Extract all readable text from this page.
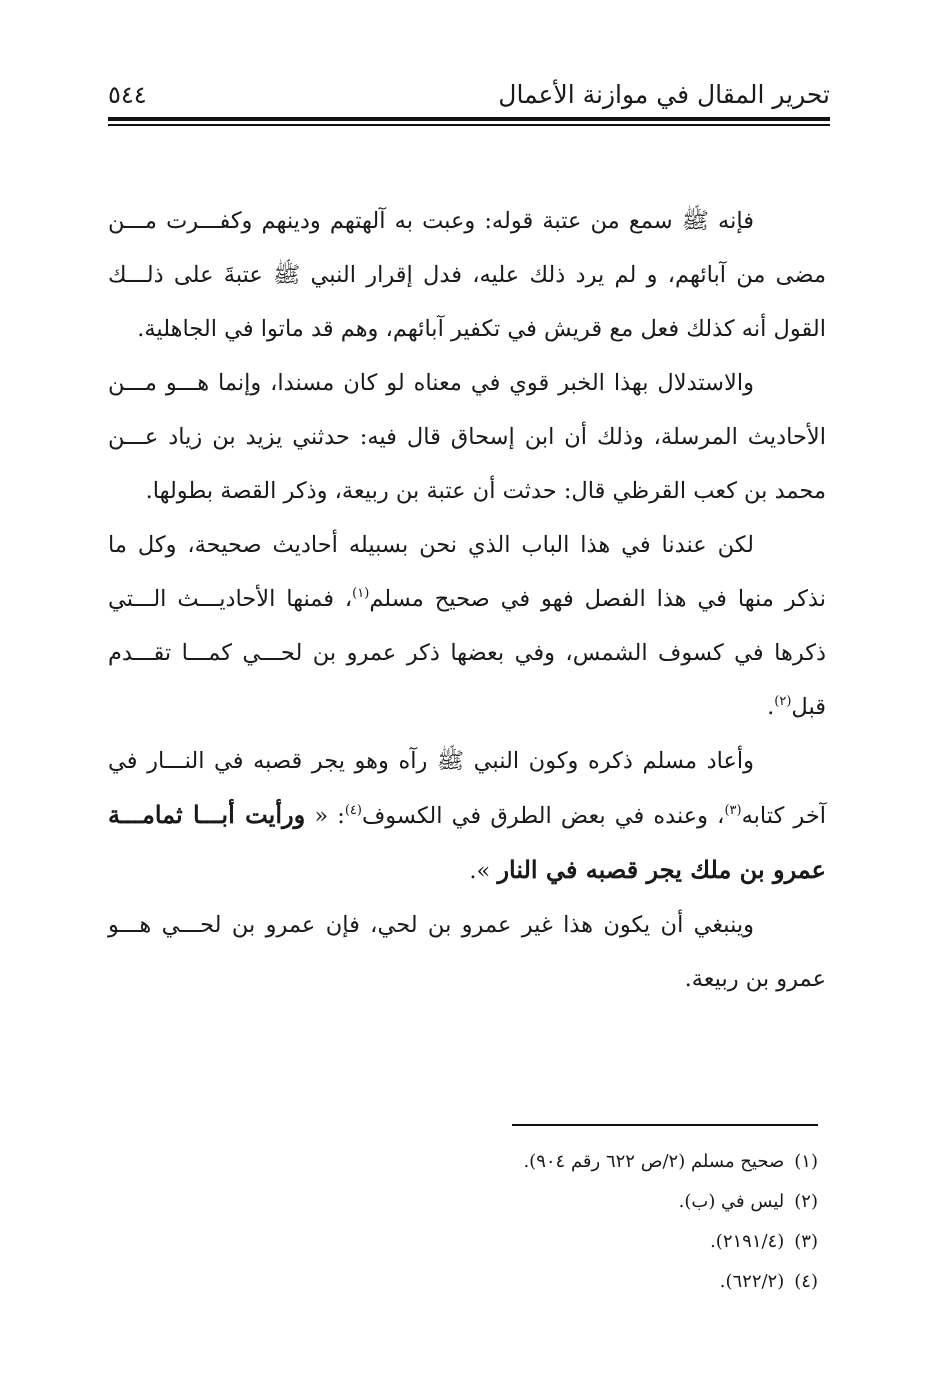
تحرير المقال في موازنة الأعمال
٥٤٤

فإنه ﷺ سمع من عتبة قوله: وعبت به آلهتهم ودينهم وكفـــرت مـــن مضى من آبائهم، و لم يرد ذلك عليه، فدل إقرار النبي ﷺ عتبةَ على ذلـــك القول أنه كذلك فعل مع قريش في تكفير آبائهم، وهم قد ماتوا في الجاهلية.

والاستدلال بهذا الخبر قوي في معناه لو كان مسندا، وإنما هـــو مـــن الأحاديث المرسلة، وذلك أن ابن إسحاق قال فيه: حدثني يزيد بن زياد عـــن محمد بن كعب القرظي قال: حدثت أن عتبة بن ربيعة، وذكر القصة بطولها.

لكن عندنا في هذا الباب الذي نحن بسبيله أحاديث صحيحة، وكل ما نذكر منها في هذا الفصل فهو في صحيح مسلم$^{(١)}$، فمنها الأحاديـــث الـــتي ذكرها في كسوف الشمس، وفي بعضها ذكر عمرو بن لحـــي كمـــا تقـــدم قبل$^{(٢)}$.

وأعاد مسلم ذكره وكون النبي ﷺ رآه وهو يجر قصبه في النـــار في آخر كتابه$^{(٣)}$، وعنده في بعض الطرق في الكسوف$^{(٤)}$: « ورأيت أبـــا ثمامـــة عمرو بن ملك يجر قصبه في النار ».

وينبغي أن يكون هذا غير عمرو بن لحي، فإن عمرو بن لحـــي هـــو عمرو بن ربيعة.

(١)صحيح مسلم (٢/ص ٦٢٢ رقم ٩٠٤).
(٢)ليس في (ب).
(٣)(٢١٩١/٤).
(٤)(٦٢٢/٢).
